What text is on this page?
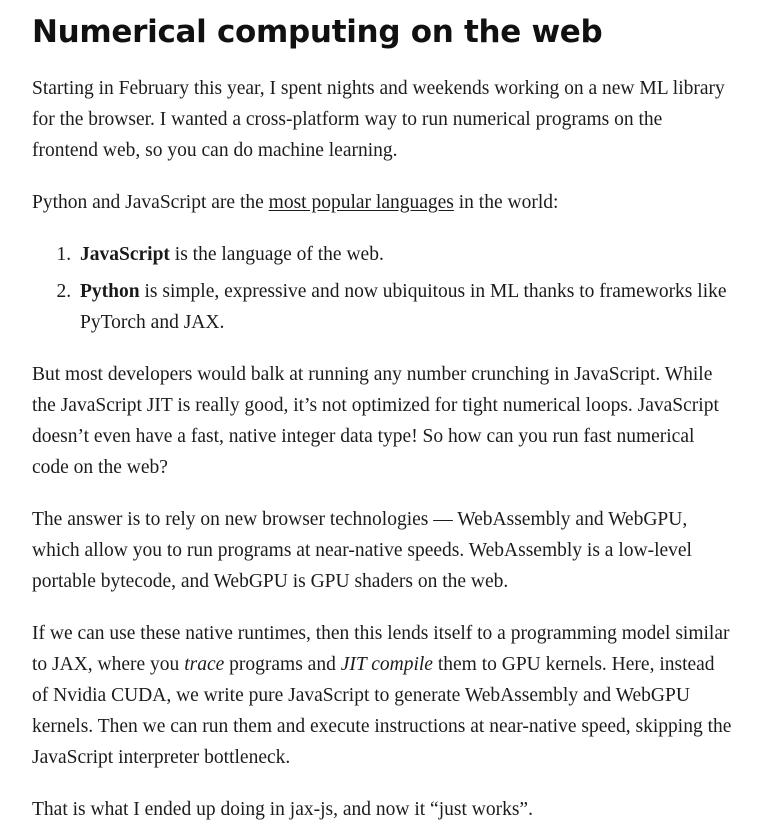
Numerical computing on the web

Starting in February this year, I spent nights and weekends working on a new ML library for the browser. I wanted a cross-platform way to run numerical programs on the frontend web, so you can do machine learning.

Python and JavaScript are the most popular languages in the world:

1. JavaScript is the language of the web.
2. Python is simple, expressive and now ubiquitous in ML thanks to frameworks like PyTorch and JAX.

But most developers would balk at running any number crunching in JavaScript. While the JavaScript JIT is really good, it’s not optimized for tight numerical loops. JavaScript doesn’t even have a fast, native integer data type! So how can you run fast numerical code on the web?

The answer is to rely on new browser technologies — WebAssembly and WebGPU, which allow you to run programs at near-native speeds. WebAssembly is a low-level portable bytecode, and WebGPU is GPU shaders on the web.

If we can use these native runtimes, then this lends itself to a programming model similar to JAX, where you trace programs and JIT compile them to GPU kernels. Here, instead of Nvidia CUDA, we write pure JavaScript to generate WebAssembly and WebGPU kernels. Then we can run them and execute instructions at near-native speed, skipping the JavaScript interpreter bottleneck.

That is what I ended up doing in jax-js, and now it “just works”.
